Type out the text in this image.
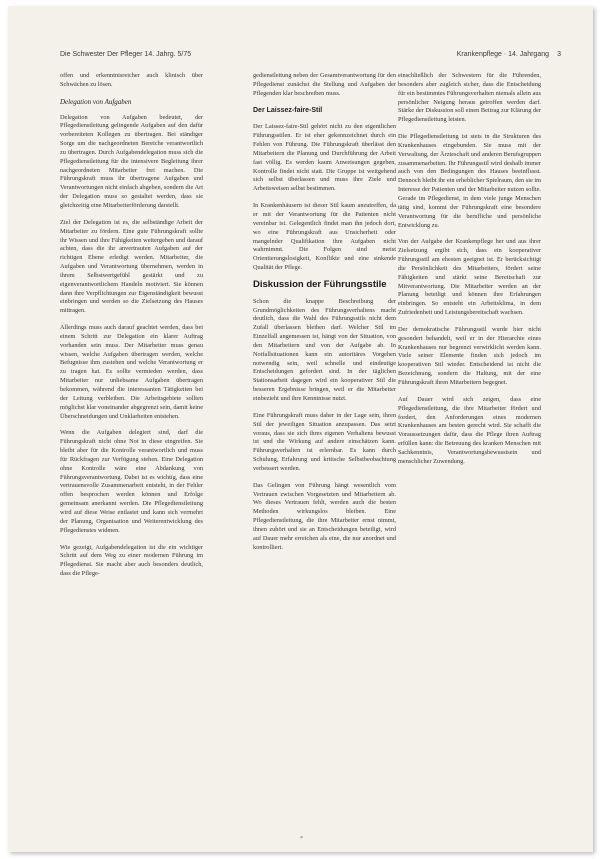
Die Schwester Der Pfleger 14. Jahrg. 5/75	Krankenpflege · 14. Jahrgang 3

offen und erkenntnisreicher auch klinisch über Schwächen zu lösen.

Delegation von Aufgaben

Delegation von Aufgaben bedeutet, der Pflegedienstleitung gelingende Aufgaben auf den dafür vorbereiteten Kollegen zu übertragen. Bei ständiger Sorge um die nachgeordneten Bereiche verantwortlich zu übertragen. Durch Aufgabendelegation muss sich die Pflegedienstleitung für die intensivere Begleitung ihrer nachgeordneten Mitarbeiter frei machen. Die Führungskraft muss ihr übertragene Aufgaben und Verantwortungen nicht einfach abgeben, sondern die Art der Delegation muss so gestaltet werden, dass sie gleichzeitig eine Mitarbeiterförderung darstellt.

Ziel der Delegation ist es, die selbständige Arbeit der Mitarbeiter zu fördern. Eine gute Führungskraft sollte ihr Wissen und ihre Fähigkeiten weitergeben und darauf achten, dass die ihr anvertrauten Aufgaben auf der richtigen Ebene erledigt werden. Mitarbeiter, die Aufgaben und Verantwortung übernehmen, werden in ihrem Selbstwertgefühl gestärkt und zu eigenverantwortlichem Handeln motiviert. Sie können dann ihre Verpflichtungen zur Eigenständigkeit bewusst einbringen und werden so die Zielsetzung des Hauses mittragen.

Allerdings muss auch darauf geachtet werden, dass bei einem Schritt zur Delegation ein klarer Auftrag vorhanden sein muss. Der Mitarbeiter muss genau wissen, welche Aufgaben übertragen werden, welche Befugnisse ihm zustehen und welche Verantwortung er zu tragen hat. Es sollte vermieden werden, dass Mitarbeiter nur unliebsame Aufgaben übertragen bekommen, während die interessanten Tätigkeiten bei der Leitung verbleiben. Die Arbeitsgebiete sollten möglichst klar voneinander abgegrenzt sein, damit keine Überschneidungen und Unklarheiten entstehen.

Wenn die Aufgaben delegiert sind, darf die Führungskraft nicht ohne Not in diese eingreifen. Sie bleibt aber für die Kontrolle verantwortlich und muss für Rückfragen zur Verfügung stehen. Eine Delegation ohne Kontrolle wäre eine Abdankung von Führungsverantwortung. Dabei ist es wichtig, dass eine vertrauensvolle Zusammenarbeit entsteht, in der Fehler offen besprochen werden können und Erfolge gemeinsam anerkannt werden. Die Pflegedienstleitung wird auf diese Weise entlastet und kann sich vermehrt der Planung, Organisation und Weiterentwicklung des Pflegedienstes widmen.

Wie gezeigt, Aufgabendelegation ist die ein wichtiger Schritt auf dem Weg zu einer modernen Führung im Pflegedienst. Sie macht aber auch besonders deutlich, dass die Pflege-

gedienstleitung neben der Gesamtverantwortung für den Pflegedienst zunächst die Stellung und Aufgaben der Pflegenden klar beschreiben muss.

Der Laissez-faire-Stil

Der Laissez-faire-Stil gehört nicht zu den eigentlichen Führungsstilen. Er ist eher gekennzeichnet durch ein Fehlen von Führung. Die Führungskraft überlässt den Mitarbeitern die Planung und Durchführung der Arbeit fast völlig. Es werden kaum Anweisungen gegeben, Kontrolle findet nicht statt. Die Gruppe ist weitgehend sich selbst überlassen und muss ihre Ziele und Arbeitsweisen selbst bestimmen.

In Krankenhäusern ist dieser Stil kaum anzutreffen, da er mit der Verantwortung für die Patienten nicht vereinbar ist. Gelegentlich findet man ihn jedoch dort, wo eine Führungskraft aus Unsicherheit oder mangelnder Qualifikation ihre Aufgaben nicht wahrnimmt. Die Folgen sind meist Orientierungslosigkeit, Konflikte und eine sinkende Qualität der Pflege.

Diskussion der Führungsstile

Schon die knappe Beschreibung der Grundmöglichkeiten des Führungsverhaltens macht deutlich, dass die Wahl des Führungsstils nicht dem Zufall überlassen bleiben darf. Welcher Stil im Einzelfall angemessen ist, hängt von der Situation, von den Mitarbeitern und von der Aufgabe ab. In Notfallsituationen kann ein autoritäres Vorgehen notwendig sein, weil schnelle und eindeutige Entscheidungen gefordert sind. In der täglichen Stationsarbeit dagegen wird ein kooperativer Stil die besseren Ergebnisse bringen, weil er die Mitarbeiter einbezieht und ihre Kenntnisse nutzt.

Eine Führungskraft muss daher in der Lage sein, ihren Stil der jeweiligen Situation anzupassen. Das setzt voraus, dass sie sich ihres eigenen Verhaltens bewusst ist und die Wirkung auf andere einschätzen kann. Führungsverhalten ist erlernbar. Es kann durch Schulung, Erfahrung und kritische Selbstbeobachtung verbessert werden.

Das Gelingen von Führung hängt wesentlich vom Vertrauen zwischen Vorgesetzten und Mitarbeitern ab. Wo dieses Vertrauen fehlt, werden auch die besten Methoden wirkungslos bleiben. Eine Pflegedienstleitung, die ihre Mitarbeiter ernst nimmt, ihnen zuhört und sie an Entscheidungen beteiligt, wird auf Dauer mehr erreichen als eine, die nur anordnet und kontrolliert.

einschließlich der Schwestern für die Führenden, besonders aber zugleich sicher, dass die Entscheidung für ein bestimmtes Führungsverhalten niemals allein aus persönlicher Neigung heraus getroffen werden darf. Stärke der Diskussion soll einen Beitrag zur Klärung der Pflegedienstleitung leisten.

Die Pflegedienstleitung ist stets in die Strukturen des Krankenhauses eingebunden. Sie muss mit der Verwaltung, der Ärzteschaft und anderen Berufsgruppen zusammenarbeiten. Ihr Führungsstil wird deshalb immer auch von den Bedingungen des Hauses beeinflusst. Dennoch bleibt ihr ein erheblicher Spielraum, den sie im Interesse der Patienten und der Mitarbeiter nutzen sollte. Gerade im Pflegedienst, in dem viele junge Menschen tätig sind, kommt der Führungskraft eine besondere Verantwortung für die berufliche und persönliche Entwicklung zu.

Von der Aufgabe der Krankenpflege her und aus ihrer Zielsetzung ergibt sich, dass ein kooperativer Führungsstil am ehesten geeignet ist. Er berücksichtigt die Persönlichkeit des Mitarbeiters, fördert seine Fähigkeiten und stärkt seine Bereitschaft zur Mitverantwortung. Die Mitarbeiter werden an der Planung beteiligt und können ihre Erfahrungen einbringen. So entsteht ein Arbeitsklima, in dem Zufriedenheit und Leistungsbereitschaft wachsen.

Der demokratische Führungsstil wurde hier nicht gesondert behandelt, weil er in der Hierarchie eines Krankenhauses nur begrenzt verwirklicht werden kann. Viele seiner Elemente finden sich jedoch im kooperativen Stil wieder. Entscheidend ist nicht die Bezeichnung, sondern die Haltung, mit der eine Führungskraft ihren Mitarbeitern begegnet.

Auf Dauer wird sich zeigen, dass eine Pflegedienstleitung, die ihre Mitarbeiter fördert und fordert, den Anforderungen eines modernen Krankenhauses am besten gerecht wird. Sie schafft die Voraussetzungen dafür, dass die Pflege ihren Auftrag erfüllen kann: die Betreuung des kranken Menschen mit Sachkenntnis, Verantwortungsbewusstsein und menschlicher Zuwendung.

*
